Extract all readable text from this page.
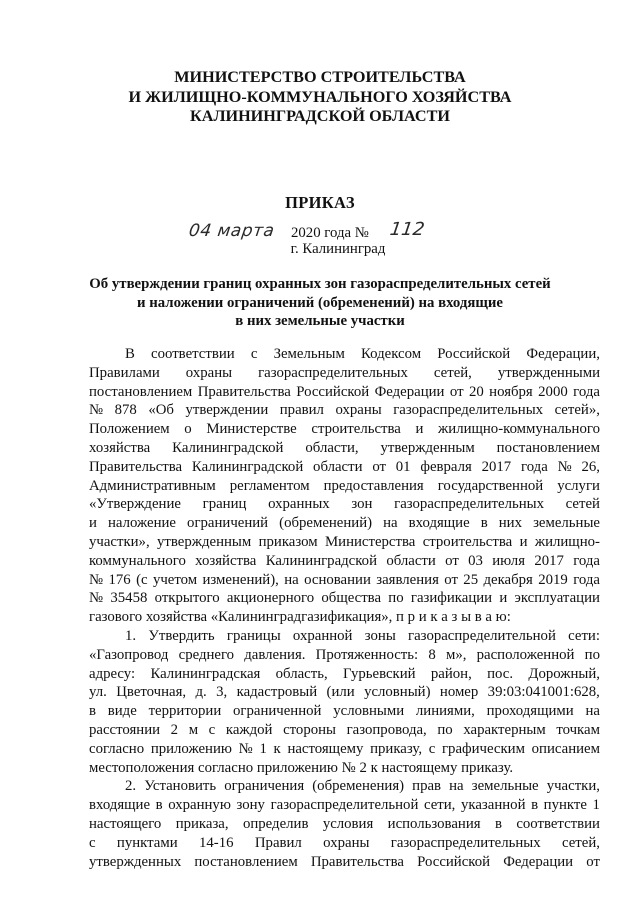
МИНИСТЕРСТВО СТРОИТЕЛЬСТВА
И ЖИЛИЩНО-КОММУНАЛЬНОГО ХОЗЯЙСТВА
КАЛИНИНГРАДСКОЙ ОБЛАСТИ
ПРИКАЗ
04 марта 2020 года № 112
г. Калининград
Об утверждении границ охранных зон газораспределительных сетей
и наложении ограничений (обременений) на входящие
в них земельные участки
В соответствии с Земельным Кодексом Российской Федерации,
Правилами охраны газораспределительных сетей, утвержденными
постановлением Правительства Российской Федерации от 20 ноября 2000 года
№ 878 «Об утверждении правил охраны газораспределительных сетей»,
Положением о Министерстве строительства и жилищно-коммунального
хозяйства Калининградской области, утвержденным постановлением
Правительства Калининградской области от 01 февраля 2017 года № 26,
Административным регламентом предоставления государственной услуги
«Утверждение границ охранных зон газораспределительных сетей
и наложение ограничений (обременений) на входящие в них земельные
участки», утвержденным приказом Министерства строительства и жилищно-
коммунального хозяйства Калининградской области от 03 июля 2017 года
№ 176 (с учетом изменений), на основании заявления от 25 декабря 2019 года
№ 35458 открытого акционерного общества по газификации и эксплуатации
газового хозяйства «Калининградгазификация», п р и к а з ы в а ю:
1. Утвердить границы охранной зоны газораспределительной сети:
«Газопровод среднего давления. Протяженность: 8 м», расположенной по
адресу: Калининградская область, Гурьевский район, пос. Дорожный,
ул. Цветочная, д. 3, кадастровый (или условный) номер 39:03:041001:628,
в виде территории ограниченной условными линиями, проходящими на
расстоянии 2 м с каждой стороны газопровода, по характерным точкам
согласно приложению № 1 к настоящему приказу, с графическим описанием
местоположения согласно приложению № 2 к настоящему приказу.
2. Установить ограничения (обременения) прав на земельные участки,
входящие в охранную зону газораспределительной сети, указанной в пункте 1
настоящего приказа, определив условия использования в соответствии
с пунктами 14-16 Правил охраны газораспределительных сетей,
утвержденных постановлением Правительства Российской Федерации от
